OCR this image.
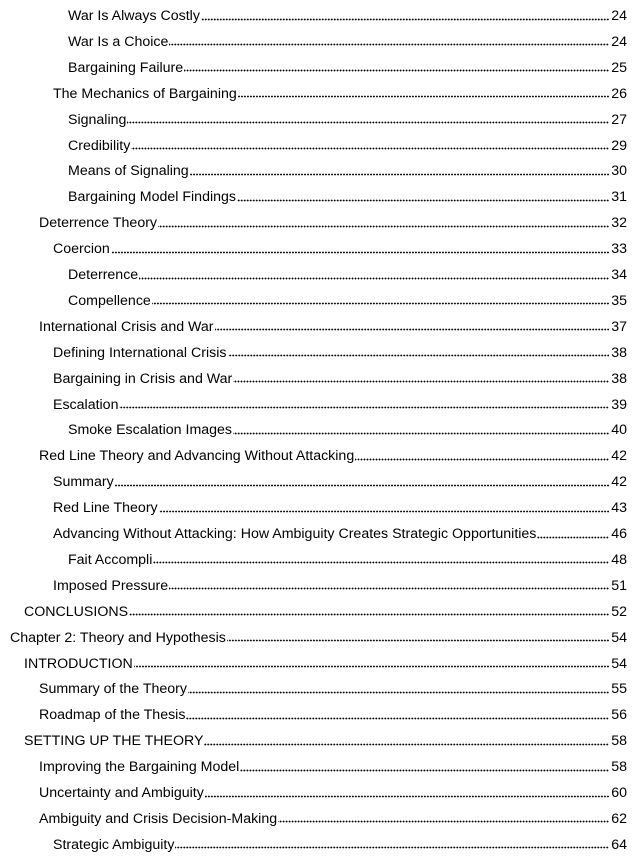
War Is Always Costly	24
War Is a Choice	24
Bargaining Failure	25
The Mechanics of Bargaining	26
Signaling	27
Credibility	29
Means of Signaling	30
Bargaining Model Findings	31
Deterrence Theory	32
Coercion	33
Deterrence	34
Compellence	35
International Crisis and War	37
Defining International Crisis	38
Bargaining in Crisis and War	38
Escalation	39
Smoke Escalation Images	40
Red Line Theory and Advancing Without Attacking	42
Summary	42
Red Line Theory	43
Advancing Without Attacking: How Ambiguity Creates Strategic Opportunities	46
Fait Accompli	48
Imposed Pressure	51
CONCLUSIONS	52
Chapter 2: Theory and Hypothesis	54
INTRODUCTION	54
Summary of the Theory	55
Roadmap of the Thesis	56
SETTING UP THE THEORY	58
Improving the Bargaining Model	58
Uncertainty and Ambiguity	60
Ambiguity and Crisis Decision-Making	62
Strategic Ambiguity	64
